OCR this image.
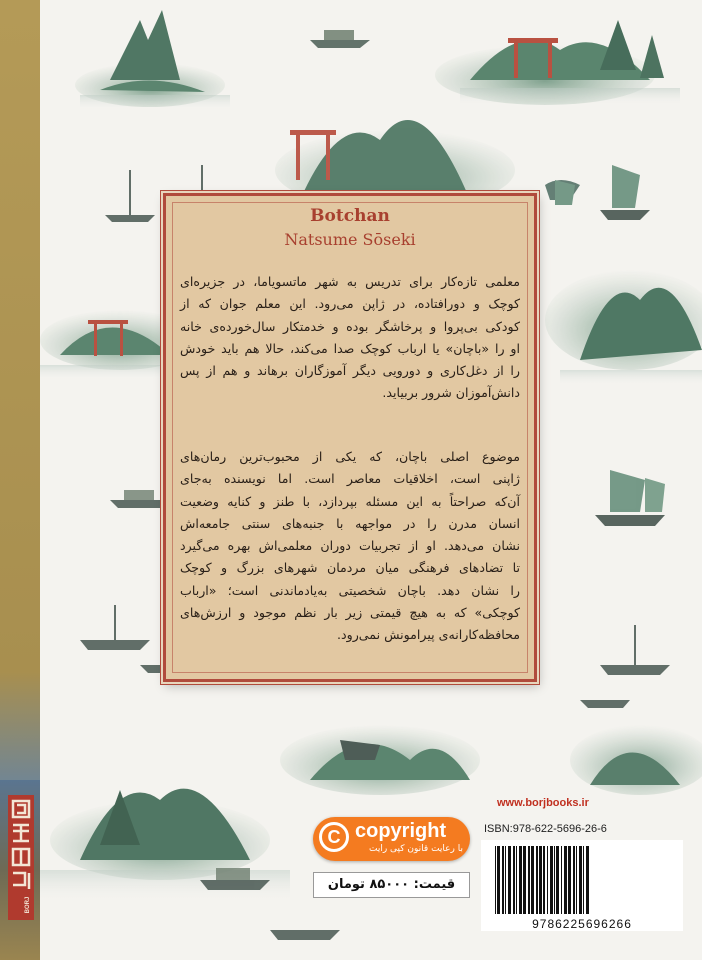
Botchan
Natsume Sōseki
معلمی تازه‌کار برای تدریس به شهر ماتسویاما، در جزیره‌ای
کوچک و دورافتاده، در ژاپن می‌رود. این معلم جوان که از
کودکی بی‌پروا و پرخاشگر بوده و خدمتکار سال‌خورده‌ی خانه
او را «باچان» یا ارباب کوچک صدا می‌کند، حالا هم باید خودش
را از دغل‌کاری و دورویی دیگر آموزگاران برهاند و هم از پس
دانش‌آموزان شرور بربیاید.
موضوع اصلی باچان، که یکی از محبوب‌ترین رمان‌های
ژاپنی است، اخلاقیات معاصر است. اما نویسنده به‌جای
آن‌که صراحتاً به این مسئله بپردازد، با طنز و کنایه وضعیت
انسان مدرن را در مواجهه با جنبه‌های سنتی جامعه‌اش
نشان می‌دهد. او از تجربیات دوران معلمی‌اش بهره می‌گیرد
تا تضادهای فرهنگی میان مردمان شهرهای بزرگ و کوچک
را نشان دهد. باچان شخصیتی به‌یادماندنی است؛ «ارباب
کوچکی» که به هیچ قیمتی زیر بار نظم موجود و ارزش‌های
محافظه‌کارانه‌ی پیرامونش نمی‌رود.
BORJ
www.borjbooks.ir
ISBN:978-622-5696-26-6
C copyright
با رعایت قانون کپی رایت
قیمت: ۸۵۰۰۰ تومان
9786225696266
